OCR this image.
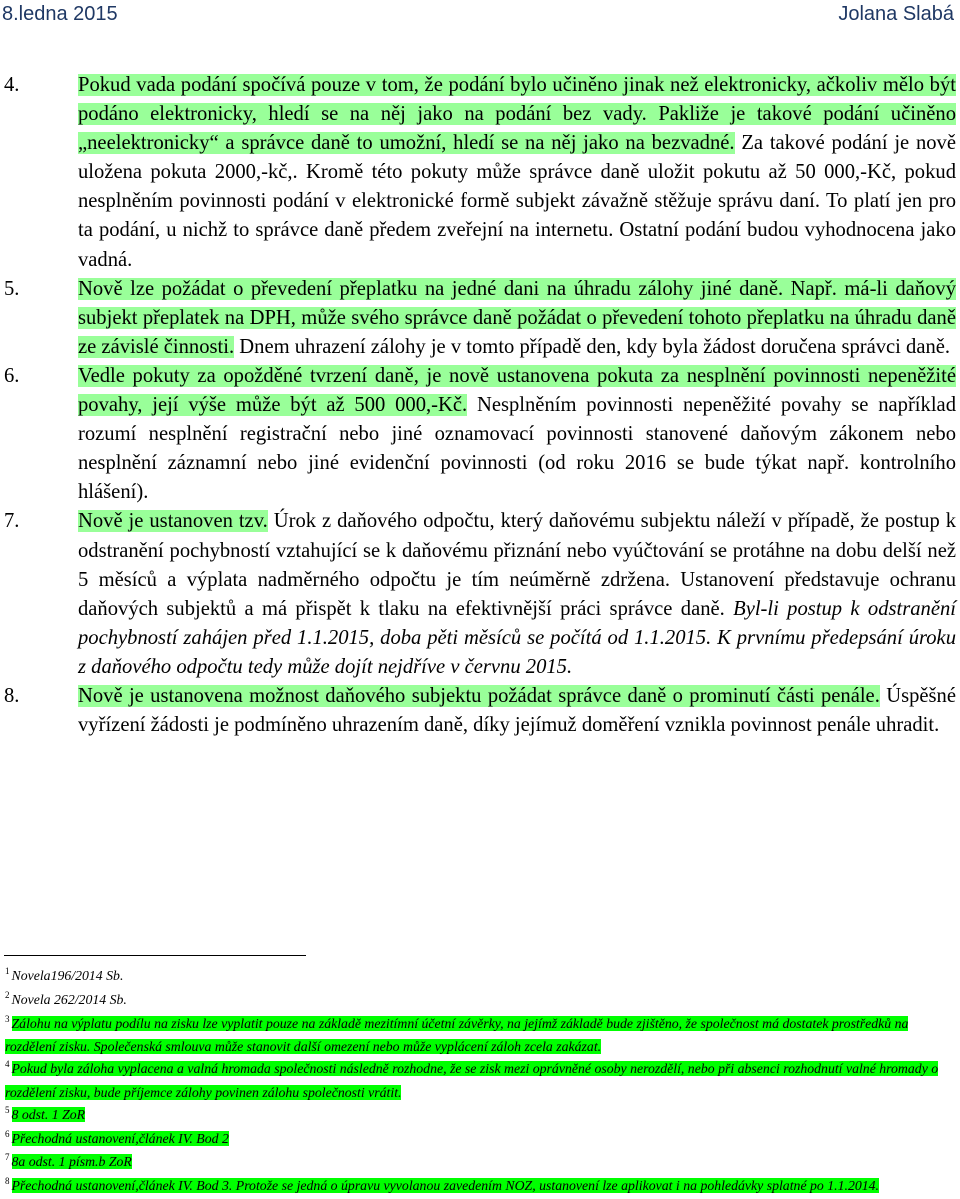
8.ledna 2015	Jolana Slabá
4.	Pokud vada podání spočívá pouze v tom, že podání bylo učiněno jinak než elektronicky, ačkoliv mělo být podáno elektronicky, hledí se na něj jako na podání bez vady. Pakliže je takové podání učiněno „neelektronicky“ a správce daně to umožní, hledí se na něj jako na bezvadné. Za takové podání je nově uložena pokuta 2000,-kč,. Kromě této pokuty může správce daně uložit pokutu až 50 000,-Kč, pokud nesplněním povinnosti podání v elektronické formě subjekt závažně stěžuje správu daní. To platí jen pro ta podání, u nichž to správce daně předem zveřejní na internetu. Ostatní podání budou vyhodnocena jako vadná.
5.	Nově lze požádat o převedení přeplatku na jedné dani na úhradu zálohy jiné daně. Např. má-li daňový subjekt přeplatek na DPH, může svého správce daně požádat o převedení tohoto přeplatku na úhradu daně ze závislé činnosti. Dnem uhrazení zálohy je v tomto případě den, kdy byla žádost doručena správci daně.
6.	Vedle pokuty za opožděné tvrzení daně, je nově ustanovena pokuta za nesplnění povinnosti nepeněžité povahy, její výše může být až 500 000,-Kč. Nesplněním povinnosti nepeněžité povahy se například rozumí nesplnění registrační nebo jiné oznamovací povinnosti stanovené daňovým zákonem nebo nesplnění záznamní nebo jiné evidenční povinnosti (od roku 2016 se bude týkat např. kontrolního hlášení).
7.	Nově je ustanoven tzv. Úrok z daňového odpočtu, který daňovému subjektu náleží v případě, že postup k odstranění pochybností vztahující se k daňovému přiznání nebo vyúčtování se protáhne na dobu delší než 5 měsíců a výplata nadměrného odpočtu je tím neúměrně zdržena. Ustanovení představuje ochranu daňových subjektů a má přispět k tlaku na efektivnější práci správce daně. Byl-li postup k odstranění pochybností zahájen před 1.1.2015, doba pěti měsíců se počítá od 1.1.2015. K prvnímu předepsání úroku z daňového odpočtu tedy může dojít nejdříve v červnu 2015.
8.	Nově je ustanovena možnost daňového subjektu požádat správce daně o prominutí části penále. Úspěšné vyřízení žádosti je podmíněno uhrazením daně, díky jejímuž doměření vznikla povinnost penále uhradit.
$^1$ Novela196/2014 Sb.
$^2$ Novela 262/2014 Sb.
$^3$ Zálohu na výplatu podílu na zisku lze vyplatit pouze na základě mezitímní účetní závěrky, na jejímž základě bude zjištěno, že společnost má dostatek prostředků na rozdělení zisku. Společenská smlouva může stanovit další omezení nebo může vyplácení záloh zcela zakázat.
$^4$ Pokud byla záloha vyplacena a valná hromada společnosti následně rozhodne, že se zisk mezi oprávněné osoby nerozdělí, nebo při absenci rozhodnutí valné hromady o rozdělení zisku, bude příjemce zálohy povinen zálohu společnosti vrátit.
$^5$ 8 odst. 1 ZoR
$^6$ Přechodná ustanovení,článek IV. Bod 2
$^7$ 8a odst. 1 písm.b ZoR
$^8$ Přechodná ustanovení,článek IV. Bod 3. Protože se jedná o úpravu vyvolanou zavedením NOZ, ustanovení lze aplikovat i na pohledávky splatné po 1.1.2014.
